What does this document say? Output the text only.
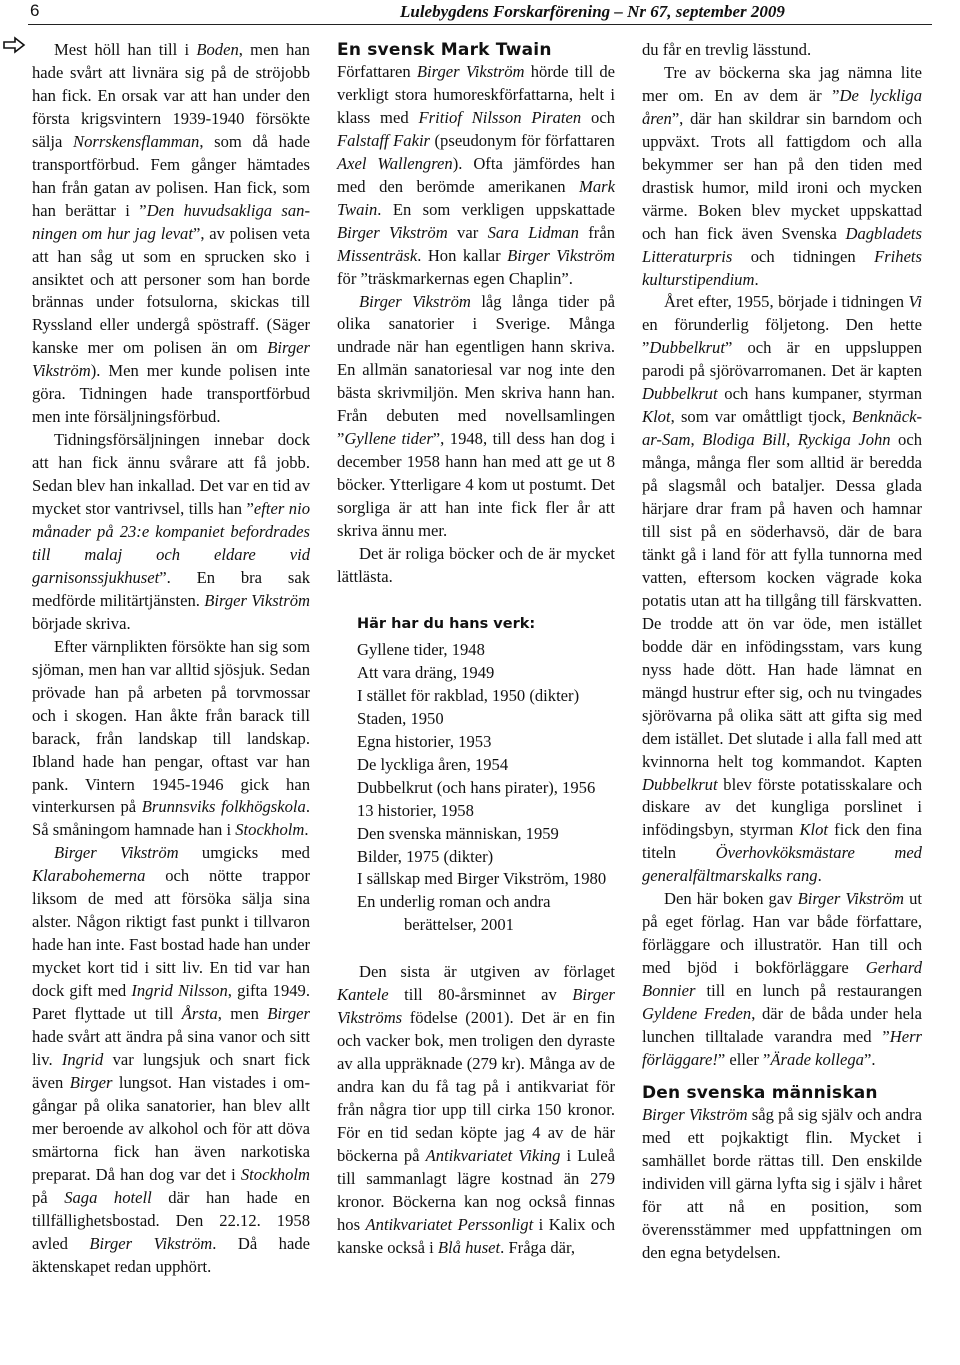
6	Lulebygdens Forskarförening – Nr 67, september 2009

Mest höll han till i Boden, men han hade svårt att livnära sig på de ströjobb han fick. En orsak var att han under den första krigsvintern 1939-1940 försökte sälja Norrskensflamman, som då hade transportförbud. Fem gånger hämtades han från gatan av polisen. Han fick, som han berättar i ”Den huvudsakliga sanningen om hur jag levat”, av polisen veta att han såg ut som en sprucken sko i ansiktet och att personer som han borde brännas under fotsulorna, skickas till Ryssland eller undergå spöstraff. (Säger kanske mer om polisen än om Birger Vikström). Men mer kunde polisen inte göra. Tidningen hade transportförbud men inte försäljningsförbud.

Tidningsförsäljningen innebar dock att han fick ännu svårare att få jobb. Sedan blev han inkallad. Det var en tid av mycket stor vantrivsel, tills han ”efter nio månader på 23:e kompaniet befordrades till malaj och eldare vid garnisonssjukhuset”. En bra sak medförde militärtjänsten. Birger Vikström började skriva.

Efter värnplikten försökte han sig som sjöman, men han var alltid sjösjuk. Sedan prövade han på arbeten på torvmossar och i skogen. Han åkte från barack till barack, från landskap till landskap. Ibland hade han pengar, oftast var han pank. Vintern 1945-1946 gick han vinterkursen på Brunnsviks folkhögskola. Så småningom hamnade han i Stockholm.

Birger Vikström umgicks med Klarabohemerna och nötte trappor liksom de med att försöka sälja sina alster. Någon riktigt fast punkt i tillvaron hade han inte. Fast bostad hade han under mycket kort tid i sitt liv. En tid var han dock gift med Ingrid Nilsson, gifta 1949. Paret flyttade ut till Årsta, men Birger hade svårt att ändra på sina vanor och sitt liv. Ingrid var lungsjuk och snart fick även Birger lungsot. Han vistades i omgångar på olika sanatorier, han blev allt mer beroende av alkohol och för att döva smärtorna fick han även narkotiska preparat. Då han dog var det i Stockholm på Saga hotell där han hade en tillfällighetsbostad. Den 22.12. 1958 avled Birger Vikström. Då hade äktenskapet redan upphört.

En svensk Mark Twain

Författaren Birger Vikström hörde till de verkligt stora humoreskförfattarna, helt i klass med Fritiof Nilsson Piraten och Falstaff Fakir (pseudonym för författaren Axel Wallengren). Ofta jämfördes han med den berömde amerikanen Mark Twain. En som verkligen uppskattade Birger Vikström var Sara Lidman från Missenträsk. Hon kallar Birger Vikström för ”träskmarkernas egen Chaplin”.

Birger Vikström låg långa tider på olika sanatorier i Sverige. Många undrade när han egentligen hann skriva. En allmän sanatoriesal var nog inte den bästa skrivmiljön. Men skriva hann han. Från debuten med novellsamlingen ”Gyllene tider”, 1948, till dess han dog i december 1958 hann han med att ge ut 8 böcker. Ytterligare 4 kom ut postumt. Det sorgliga är att han inte fick fler år att skriva ännu mer.

Det är roliga böcker och de är mycket lättlästa.

Här har du hans verk:
Gyllene tider, 1948
Att vara dräng, 1949
I stället för rakblad, 1950 (dikter)
Staden, 1950
Egna historier, 1953
De lyckliga åren, 1954
Dubbelkrut (och hans pirater), 1956
13 historier, 1958
Den svenska människan, 1959
Bilder, 1975 (dikter)
I sällskap med Birger Vikström, 1980
En underlig roman och andra berättelser, 2001

Den sista är utgiven av förlaget Kantele till 80-årsminnet av Birger Vikströms födelse (2001). Det är en fin och vacker bok, men troligen den dyraste av alla uppräknade (279 kr). Många av de andra kan du få tag på i antikvariat för från några tior upp till cirka 150 kronor. För en tid sedan köpte jag 4 av de här böckerna på Antikvariatet Viking i Luleå till sammanlagt lägre kostnad än 279 kronor. Böckerna kan nog också finnas hos Antikvariatet Perssonligt i Kalix och kanske också i Blå huset. Fråga där,

du får en trevlig lässtund.

Tre av böckerna ska jag nämna lite mer om. En av dem är ”De lyckliga åren”, där han skildrar sin barndom och uppväxt. Trots all fattigdom och alla bekymmer ser han på den tiden med drastisk humor, mild ironi och mycken värme. Boken blev mycket uppskattad och han fick även Svenska Dagbladets Litteraturpris och tidningen Frihets kulturstipendium.

Året efter, 1955, började i tidningen Vi en förunderlig följetong. Den hette ”Dubbelkrut” och är en uppsluppen parodi på sjörövarromanen. Det är kapten Dubbelkrut och hans kumpaner, styrman Klot, som var omåttligt tjock, Benknäckar-Sam, Blodiga Bill, Ryckiga John och många, många fler som alltid är beredda på slagsmål och bataljer. Dessa glada härjare drar fram på haven och hamnar till sist på en söderhavsö, där de bara tänkt gå i land för att fylla tunnorna med vatten, eftersom kocken vägrade koka potatis utan att ha tillgång till färskvatten. De trodde att ön var öde, men istället bodde där en infödingsstam, vars kung nyss hade dött. Han hade lämnat en mängd hustrur efter sig, och nu tvingades sjörövarna på olika sätt att gifta sig med dem istället. Det slutade i alla fall med att kvinnorna helt tog kommandot. Kapten Dubbelkrut blev förste potatisskalare och diskare av det kungliga porslinet i infödingsbyn, styrman Klot fick den fina titeln Överhovköksmästare med generalfältmarskalks rang.

Den här boken gav Birger Vikström ut på eget förlag. Han var både författare, förläggare och illustratör. Han till och med bjöd i bokförläggare Gerhard Bonnier till en lunch på restaurangen Gyldene Freden, där de båda under hela lunchen tilltalade varandra med ”Herr förläggare!” eller ”Ärade kollega”.

Den svenska människan

Birger Vikström såg på sig själv och andra med ett pojkaktigt flin. Mycket i samhället borde rättas till. Den enskilde individen vill gärna lyfta sig i själv i håret för att nå en position, som överensstämmer med uppfattningen om den egna betydelsen.
